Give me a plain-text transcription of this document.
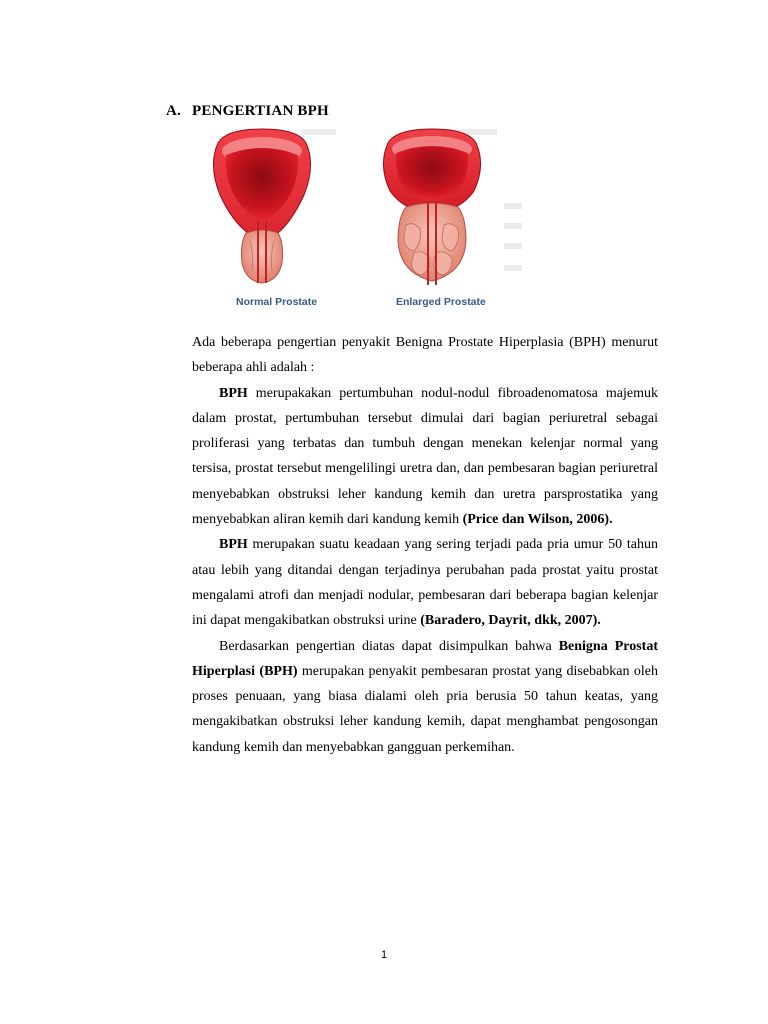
A. PENGERTIAN BPH
Normal Prostate	Enlarged Prostate

Ada beberapa pengertian penyakit Benigna Prostate Hiperplasia (BPH) menurut beberapa ahli adalah :

BPH merupakakan pertumbuhan nodul-nodul fibroadenomatosa majemuk dalam prostat, pertumbuhan tersebut dimulai dari bagian periuretral sebagai proliferasi yang terbatas dan tumbuh dengan menekan kelenjar normal yang tersisa, prostat tersebut mengelilingi uretra dan, dan pembesaran bagian periuretral menyebabkan obstruksi leher kandung kemih dan uretra parsprostatika yang menyebabkan aliran kemih dari kandung kemih (Price dan Wilson, 2006).

BPH merupakan suatu keadaan yang sering terjadi pada pria umur 50 tahun atau lebih yang ditandai dengan terjadinya perubahan pada prostat yaitu prostat mengalami atrofi dan menjadi nodular, pembesaran dari beberapa bagian kelenjar ini dapat mengakibatkan obstruksi urine (Baradero, Dayrit, dkk, 2007).

Berdasarkan pengertian diatas dapat disimpulkan bahwa Benigna Prostat Hiperplasi (BPH) merupakan penyakit pembesaran prostat yang disebabkan oleh proses penuaan, yang biasa dialami oleh pria berusia 50 tahun keatas, yang mengakibatkan obstruksi leher kandung kemih, dapat menghambat pengosongan kandung kemih dan menyebabkan gangguan perkemihan.

1
